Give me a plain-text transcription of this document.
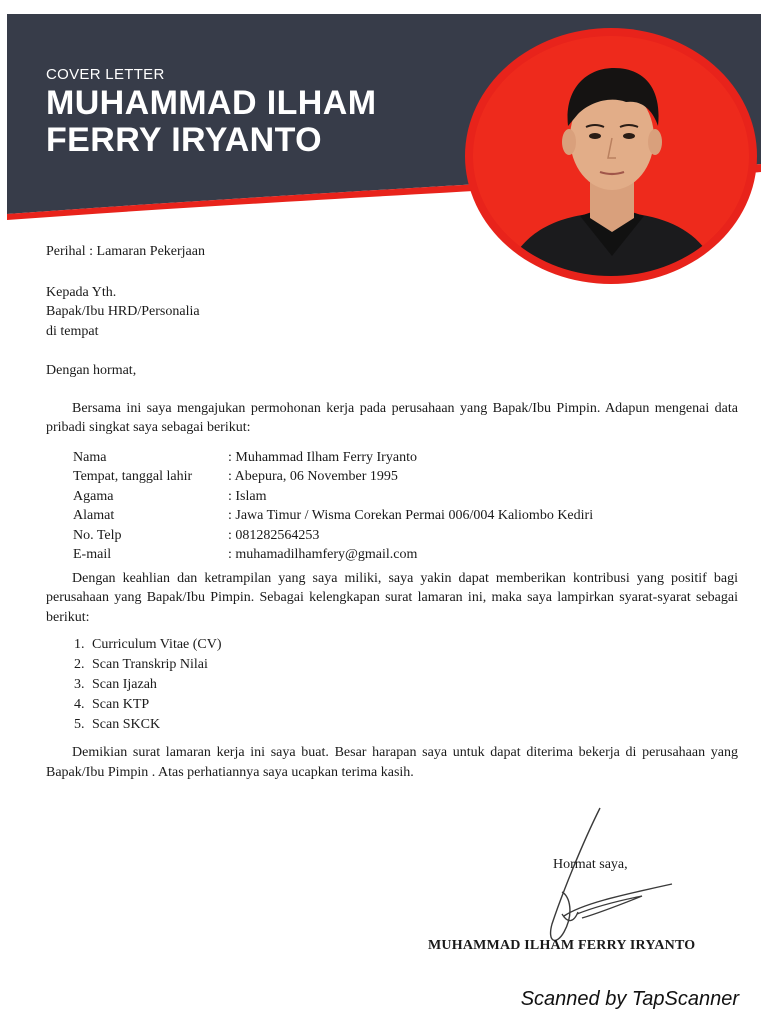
COVER LETTER
MUHAMMAD ILHAM
FERRY IRYANTO

Perihal : Lamaran Pekerjaan

Kepada Yth.

Bapak/Ibu HRD/Personalia

di tempat

Dengan hormat,

Bersama ini saya mengajukan permohonan kerja pada perusahaan yang Bapak/Ibu Pimpin. Adapun mengenai data pribadi singkat saya sebagai berikut:

Nama	: Muhammad Ilham Ferry Iryanto
Tempat, tanggal lahir	: Abepura, 06 November 1995
Agama	: Islam
Alamat	: Jawa Timur / Wisma Corekan Permai 006/004 Kaliombo Kediri
No. Telp	: 081282564253
E-mail	: muhamadilhamfery@gmail.com

Dengan keahlian dan ketrampilan yang saya miliki, saya yakin dapat memberikan kontribusi yang positif bagi perusahaan yang Bapak/Ibu Pimpin. Sebagai kelengkapan surat lamaran ini, maka saya lampirkan syarat-syarat sebagai berikut:

1. Curriculum Vitae (CV)
2. Scan Transkrip Nilai
3. Scan Ijazah
4. Scan KTP
5. Scan SKCK

Demikian surat lamaran kerja ini saya buat. Besar harapan saya untuk dapat diterima bekerja di perusahaan yang Bapak/Ibu Pimpin . Atas perhatiannya saya ucapkan terima kasih.

Hormat saya,
MUHAMMAD ILHAM FERRY IRYANTO
Scanned by TapScanner
